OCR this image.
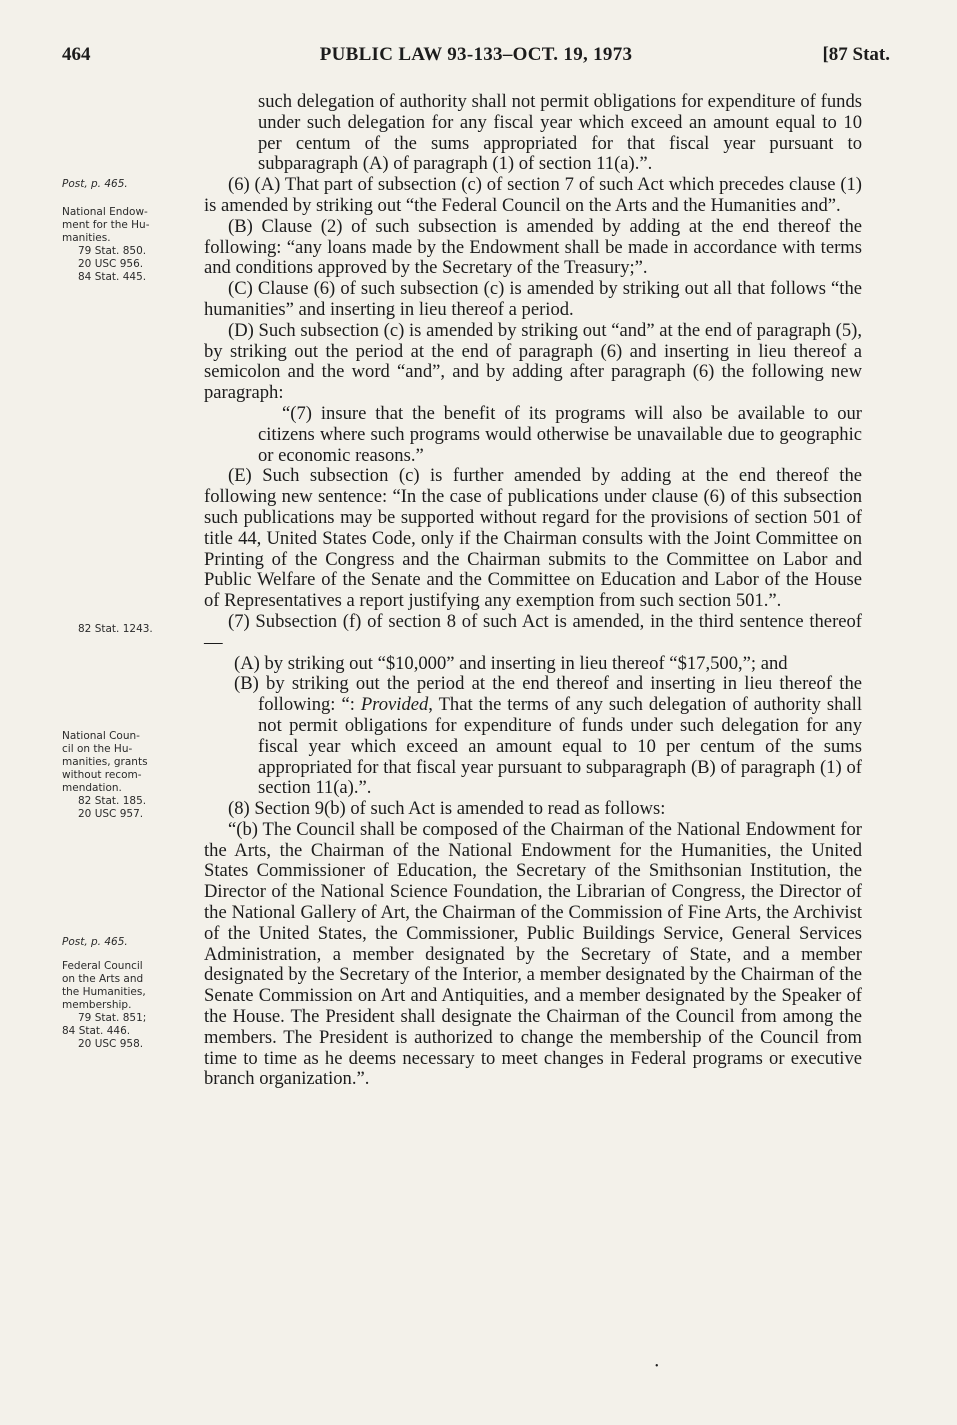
464	PUBLIC LAW 93-133–OCT. 19, 1973	[87 Stat.
Post, p. 465.
National Endow-
ment for the Hu-
manities.
79 Stat. 850.
20 USC 956.
84 Stat. 445.
82 Stat. 1243.
National Coun-
cil on the Hu-
manities, grants
without recom-
mendation.
82 Stat. 185.
20 USC 957.
Post, p. 465.
Federal Council
on the Arts and
the Humanities,
membership.
79 Stat. 851;
84 Stat. 446.
20 USC 958.

such delegation of authority shall not permit obligations for expenditure of funds under such delegation for any fiscal year which exceed an amount equal to 10 per centum of the sums appropriated for that fiscal year pursuant to subparagraph (A) of paragraph (1) of section 11(a).”.

(6) (A) That part of subsection (c) of section 7 of such Act which precedes clause (1) is amended by striking out “the Federal Council on the Arts and the Humanities and”.

(B) Clause (2) of such subsection is amended by adding at the end thereof the following: “any loans made by the Endowment shall be made in accordance with terms and conditions approved by the Secretary of the Treasury;”.

(C) Clause (6) of such subsection (c) is amended by striking out all that follows “the humanities” and inserting in lieu thereof a period.

(D) Such subsection (c) is amended by striking out “and” at the end of paragraph (5), by striking out the period at the end of paragraph (6) and inserting in lieu thereof a semicolon and the word “and”, and by adding after paragraph (6) the following new paragraph:

“(7) insure that the benefit of its programs will also be available to our citizens where such programs would otherwise be unavailable due to geographic or economic reasons.”

(E) Such subsection (c) is further amended by adding at the end thereof the following new sentence: “In the case of publications under clause (6) of this subsection such publications may be supported without regard for the provisions of section 501 of title 44, United States Code, only if the Chairman consults with the Joint Committee on Printing of the Congress and the Chairman submits to the Committee on Labor and Public Welfare of the Senate and the Committee on Education and Labor of the House of Representatives a report justifying any exemption from such section 501.”.

(7) Subsection (f) of section 8 of such Act is amended, in the third sentence thereof—

(A) by striking out “$10,000” and inserting in lieu thereof “$17,500,”; and

(B) by striking out the period at the end thereof and inserting in lieu thereof the following: “: Provided, That the terms of any such delegation of authority shall not permit obligations for expenditure of funds under such delegation for any fiscal year which exceed an amount equal to 10 per centum of the sums appropriated for that fiscal year pursuant to subparagraph (B) of paragraph (1) of section 11(a).”.

(8) Section 9(b) of such Act is amended to read as follows:

“(b) The Council shall be composed of the Chairman of the National Endowment for the Arts, the Chairman of the National Endowment for the Humanities, the United States Commissioner of Education, the Secretary of the Smithsonian Institution, the Director of the National Science Foundation, the Librarian of Congress, the Director of the National Gallery of Art, the Chairman of the Commission of Fine Arts, the Archivist of the United States, the Commissioner, Public Buildings Service, General Services Administration, a member designated by the Secretary of State, and a member designated by the Secretary of the Interior, a member designated by the Chairman of the Senate Commission on Art and Antiquities, and a member designated by the Speaker of the House. The President shall designate the Chairman of the Council from among the members. The President is authorized to change the membership of the Council from time to time as he deems necessary to meet changes in Federal programs or executive branch organization.”.

•
